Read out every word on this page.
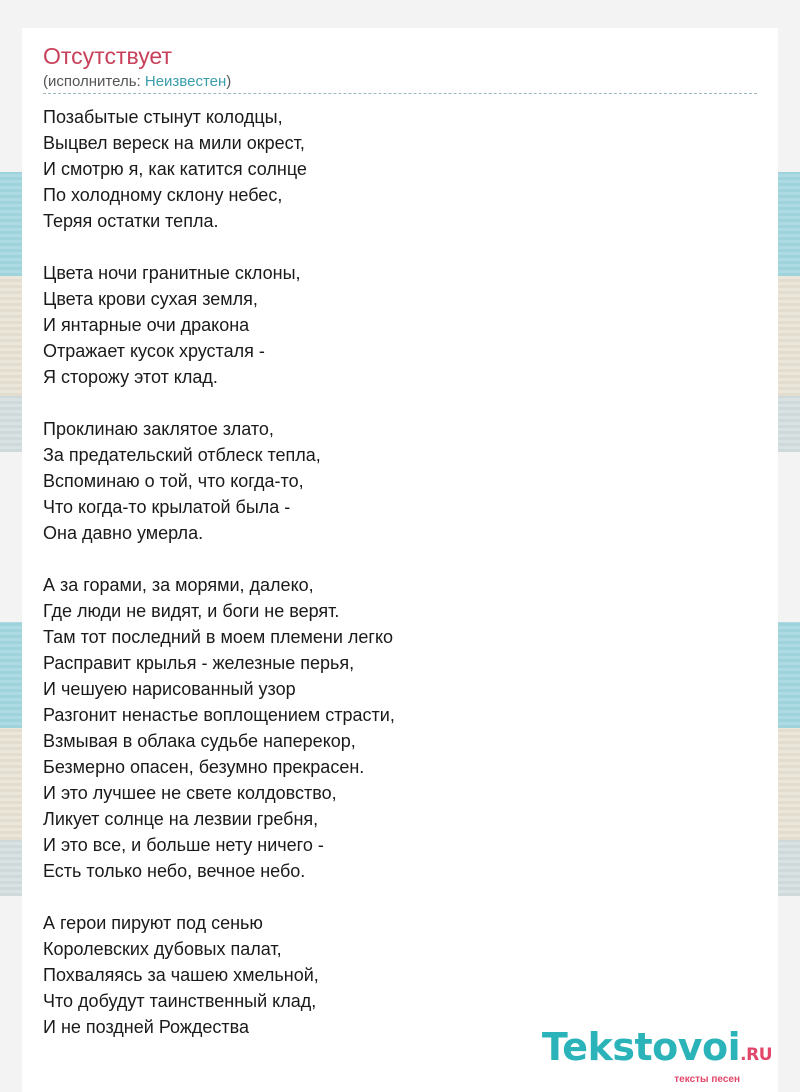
Отсутствует
(исполнитель: Неизвестен)
Позабытые стынут колодцы,
Выцвел вереск на мили окрест,
И смотрю я, как катится солнце
По холодному склону небес,
Теряя остатки тепла.
Цвета ночи гранитные склоны,
Цвета крови сухая земля,
И янтарные очи дракона
Отражает кусок хрусталя -
Я сторожу этот клад.
Проклинаю заклятое злато,
За предательский отблеск тепла,
Вспоминаю о той, что когда-то,
Что когда-то крылатой была -
Она давно умерла.
А за горами, за морями, далеко,
Где люди не видят, и боги не верят.
Там тот последний в моем племени легко
Расправит крылья - железные перья,
И чешуею нарисованный узор
Разгонит ненастье воплощением страсти,
Взмывая в облака судьбе наперекор,
Безмерно опасен, безумно прекрасен.
И это лучшее не свете колдовство,
Ликует солнце на лезвии гребня,
И это все, и больше нету ничего -
Есть только небо, вечное небо.
А герои пируют под сенью
Королевских дубовых палат,
Похваляясь за чашею хмельной,
Что добудут таинственный клад,
И не поздней Рождества	Tekstovoi.RU
тексты песен
